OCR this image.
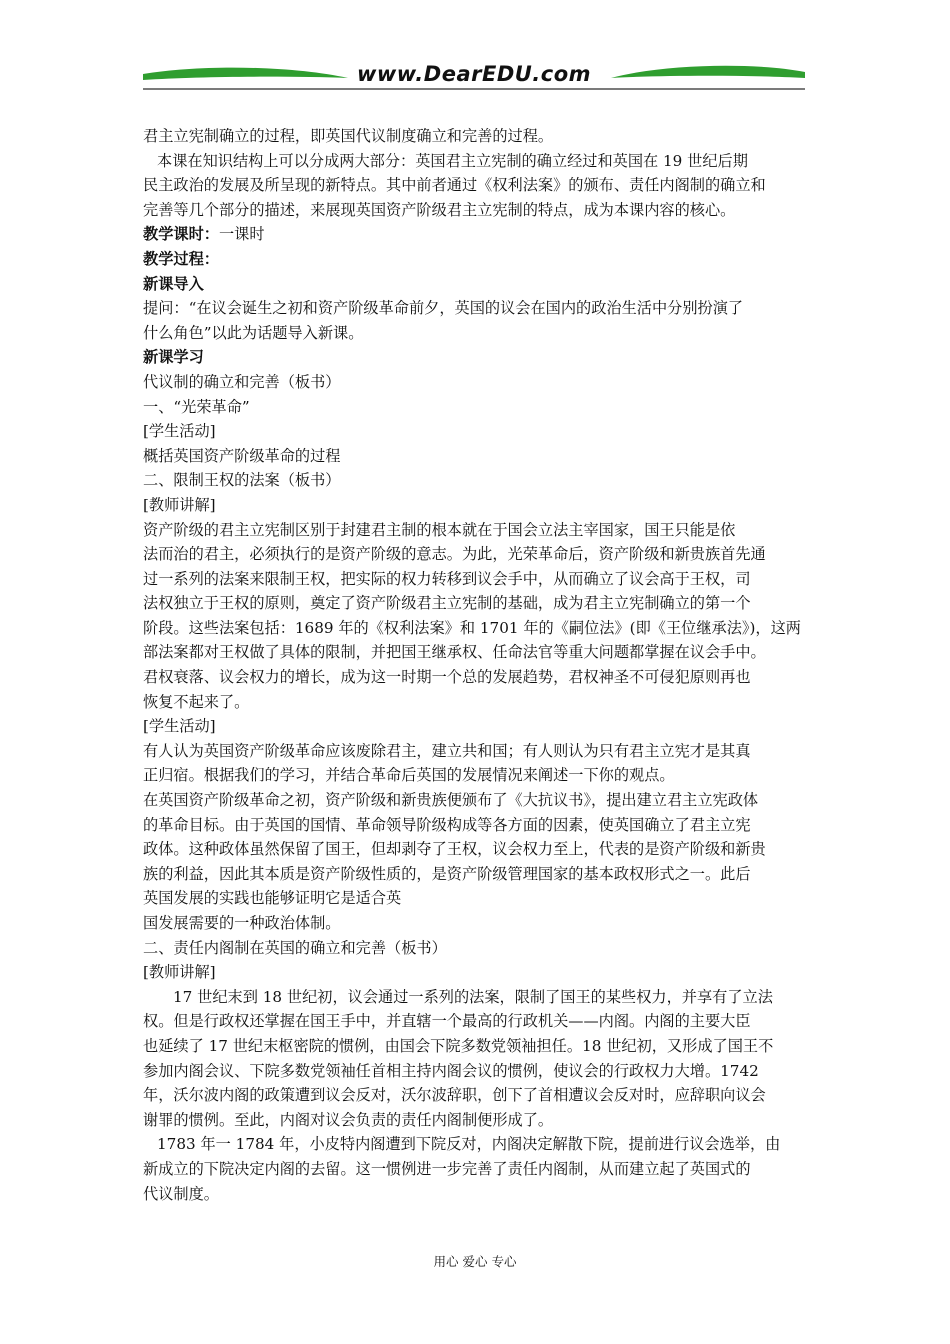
www.DearEDU.com

君主立宪制确立的过程，即英国代议制度确立和完善的过程。

本课在知识结构上可以分成两大部分：英国君主立宪制的确立经过和英国在 19 世纪后期

民主政治的发展及所呈现的新特点。其中前者通过《权利法案》的颁布、责任内阁制的确立和

完善等几个部分的描述，来展现英国资产阶级君主立宪制的特点，成为本课内容的核心。

教学课时：一课时

教学过程：

新课导入

提问：“在议会诞生之初和资产阶级革命前夕，英国的议会在国内的政治生活中分别扮演了

什么角色”以此为话题导入新课。

新课学习

代议制的确立和完善（板书）

一、“光荣革命”

[学生活动]

概括英国资产阶级革命的过程

二、限制王权的法案（板书）

[教师讲解]

资产阶级的君主立宪制区别于封建君主制的根本就在于国会立法主宰国家，国王只能是依

法而治的君主，必须执行的是资产阶级的意志。为此，光荣革命后，资产阶级和新贵族首先通

过一系列的法案来限制王权，把实际的权力转移到议会手中，从而确立了议会高于王权，司

法权独立于王权的原则，奠定了资产阶级君主立宪制的基础，成为君主立宪制确立的第一个

阶段。这些法案包括：1689 年的《权利法案》和 1701 年的《嗣位法》(即《王位继承法》)，这两

部法案都对王权做了具体的限制，并把国王继承权、任命法官等重大问题都掌握在议会手中。

君权衰落、议会权力的增长，成为这一时期一个总的发展趋势，君权神圣不可侵犯原则再也

恢复不起来了。

[学生活动]

有人认为英国资产阶级革命应该废除君主，建立共和国；有人则认为只有君主立宪才是其真

正归宿。根据我们的学习，并结合革命后英国的发展情况来阐述一下你的观点。

在英国资产阶级革命之初，资产阶级和新贵族便颁布了《大抗议书》，提出建立君主立宪政体

的革命目标。由于英国的国情、革命领导阶级构成等各方面的因素，使英国确立了君主立宪

政体。这种政体虽然保留了国王，但却剥夺了王权，议会权力至上，代表的是资产阶级和新贵

族的利益，因此其本质是资产阶级性质的，是资产阶级管理国家的基本政权形式之一。此后

英国发展的实践也能够证明它是适合英

国发展需要的一种政治体制。

二、责任内阁制在英国的确立和完善（板书）

[教师讲解]

17 世纪末到 18 世纪初，议会通过一系列的法案，限制了国王的某些权力，并享有了立法

权。但是行政权还掌握在国王手中，并直辖一个最高的行政机关——内阁。内阁的主要大臣

也延续了 17 世纪末枢密院的惯例，由国会下院多数党领袖担任。18 世纪初，又形成了国王不

参加内阁会议、下院多数党领袖任首相主持内阁会议的惯例，使议会的行政权力大增。1742

年，沃尔波内阁的政策遭到议会反对，沃尔波辞职，创下了首相遭议会反对时，应辞职向议会

谢罪的惯例。至此，内阁对议会负责的责任内阁制便形成了。

1783 年一 1784 年，小皮特内阁遭到下院反对，内阁决定解散下院，提前进行议会选举，由

新成立的下院决定内阁的去留。这一惯例进一步完善了责任内阁制，从而建立起了英国式的

代议制度。

用心 爱心 专心
